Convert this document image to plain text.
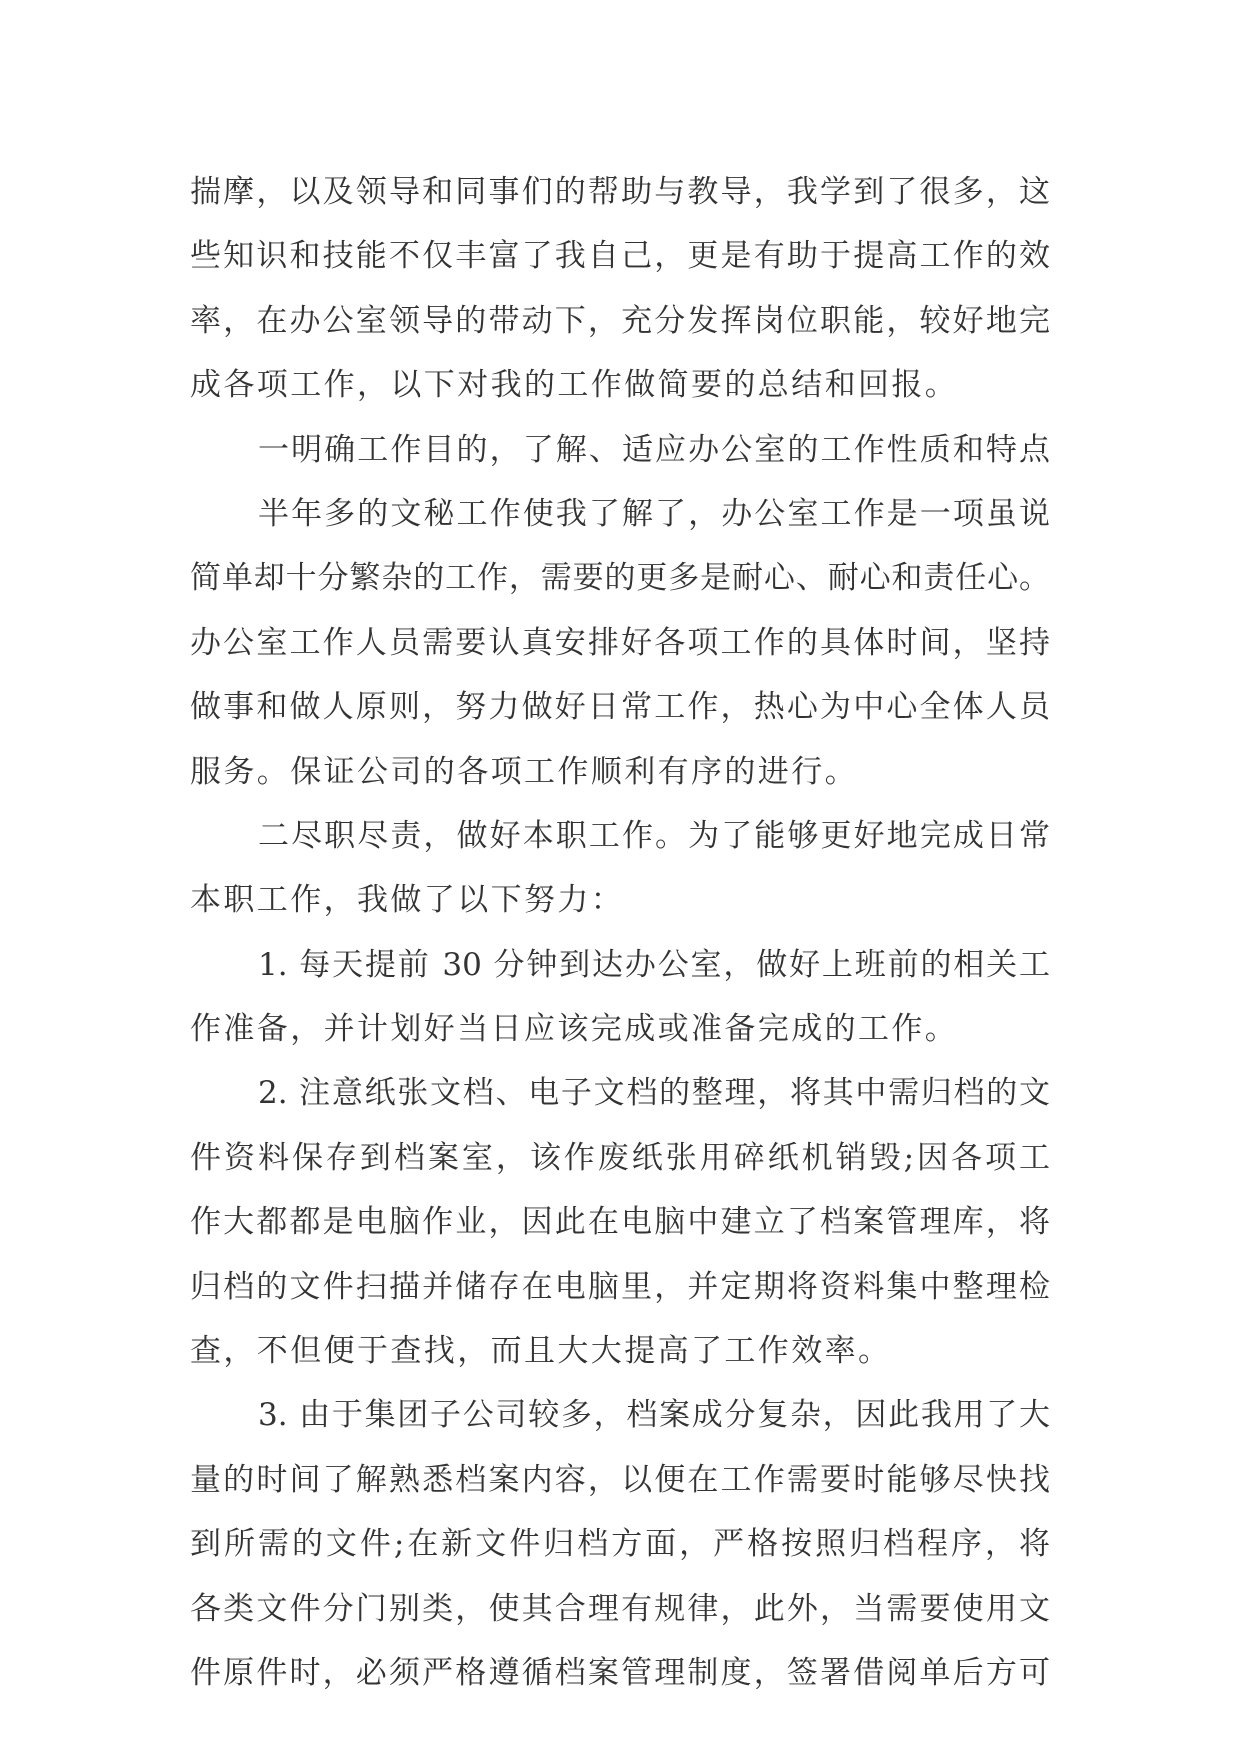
揣摩，以及领导和同事们的帮助与教导，我学到了很多，这
些知识和技能不仅丰富了我自己，更是有助于提高工作的效
率，在办公室领导的带动下，充分发挥岗位职能，较好地完
成各项工作，以下对我的工作做简要的总结和回报。
一明确工作目的，了解、适应办公室的工作性质和特点
半年多的文秘工作使我了解了，办公室工作是一项虽说
简单却十分繁杂的工作，需要的更多是耐心、耐心和责任心。
办公室工作人员需要认真安排好各项工作的具体时间，坚持
做事和做人原则，努力做好日常工作，热心为中心全体人员
服务。保证公司的各项工作顺利有序的进行。
二尽职尽责，做好本职工作。为了能够更好地完成日常
本职工作，我做了以下努力：
1. 每天提前 30 分钟到达办公室，做好上班前的相关工
作准备，并计划好当日应该完成或准备完成的工作。
2. 注意纸张文档、电子文档的整理，将其中需归档的文
件资料保存到档案室，该作废纸张用碎纸机销毁;因各项工
作大都都是电脑作业，因此在电脑中建立了档案管理库，将
归档的文件扫描并储存在电脑里，并定期将资料集中整理检
查，不但便于查找，而且大大提高了工作效率。
3. 由于集团子公司较多，档案成分复杂，因此我用了大
量的时间了解熟悉档案内容，以便在工作需要时能够尽快找
到所需的文件;在新文件归档方面，严格按照归档程序，将
各类文件分门别类，使其合理有规律，此外，当需要使用文
件原件时，必须严格遵循档案管理制度，签署借阅单后方可
